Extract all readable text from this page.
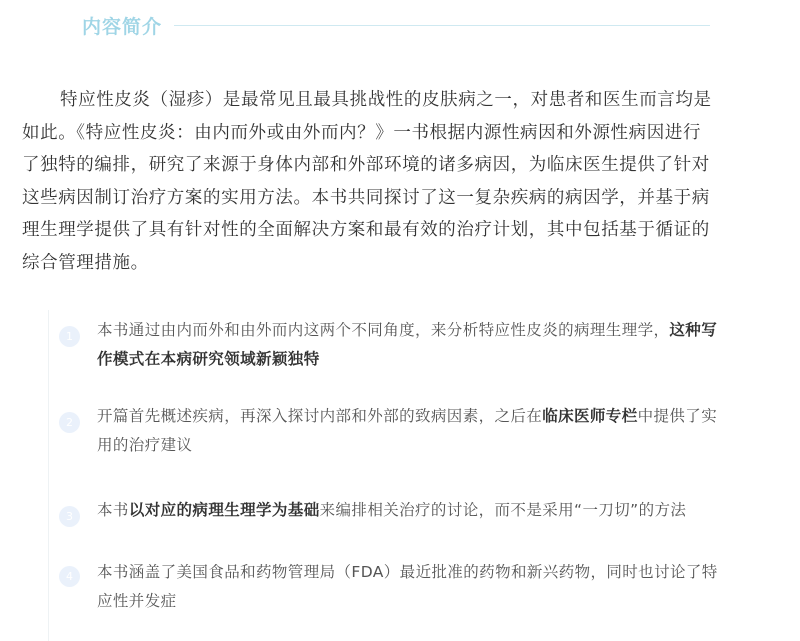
内容简介

特应性皮炎（湿疹）是最常见且最具挑战性的皮肤病之一，对患者和医生而言均是
如此。《特应性皮炎：由内而外或由外而内？》一书根据内源性病因和外源性病因进行
了独特的编排，研究了来源于身体内部和外部环境的诸多病因，为临床医生提供了针对
这些病因制订治疗方案的实用方法。本书共同探讨了这一复杂疾病的病因学，并基于病
理生理学提供了具有针对性的全面解决方案和最有效的治疗计划，其中包括基于循证的
综合管理措施。

1	本书通过由内而外和由外而内这两个不同角度，来分析特应性皮炎的病理生理学，这种写
作模式在本病研究领域新颖独特
2	开篇首先概述疾病，再深入探讨内部和外部的致病因素，之后在临床医师专栏中提供了实
用的治疗建议
3	本书以对应的病理生理学为基础来编排相关治疗的讨论，而不是采用“一刀切”的方法
4	本书涵盖了美国食品和药物管理局（FDA）最近批准的药物和新兴药物，同时也讨论了特
应性并发症
